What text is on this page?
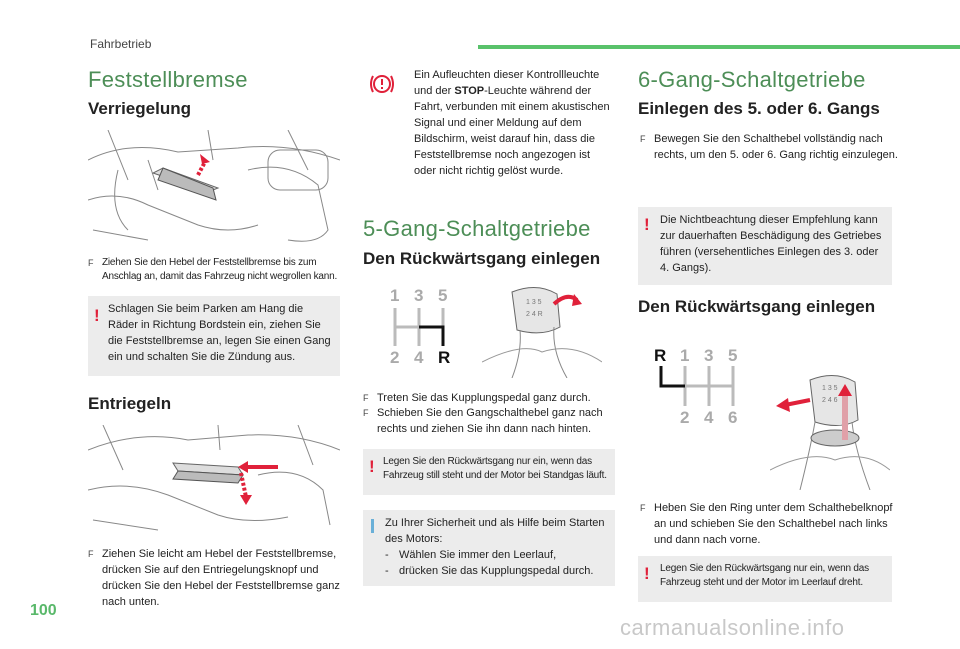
Fahrbetrieb
Feststellbremse
Verriegelung
F Ziehen Sie den Hebel der Feststellbremse bis zum Anschlag an, damit das Fahrzeug nicht wegrollen kann.
! Schlagen Sie beim Parken am Hang die Räder in Richtung Bordstein ein, ziehen Sie die Feststellbremse an, legen Sie einen Gang ein und schalten Sie die Zündung aus.
Entriegeln
F Ziehen Sie leicht am Hebel der Feststellbremse, drücken Sie auf den Entriegelungsknopf und drücken Sie den Hebel der Feststellbremse ganz nach unten.
Ein Aufleuchten dieser Kontrollleuchte und der STOP-Leuchte während der Fahrt, verbunden mit einem akustischen Signal und einer Meldung auf dem Bildschirm, weist darauf hin, dass die Feststellbremse noch angezogen ist oder nicht richtig gelöst wurde.
5-Gang-Schaltgetriebe
Den Rückwärtsgang einlegen
1 3 5
2 4 R
1 3 5
2 4 R
F Treten Sie das Kupplungspedal ganz durch.
F Schieben Sie den Gangschalthebel ganz nach rechts und ziehen Sie ihn dann nach hinten.
! Legen Sie den Rückwärtsgang nur ein, wenn das Fahrzeug still steht und der Motor bei Standgas läuft.
Zu Ihrer Sicherheit und als Hilfe beim Starten des Motors:
- Wählen Sie immer den Leerlauf,
- drücken Sie das Kupplungspedal durch.
6-Gang-Schaltgetriebe
Einlegen des 5. oder 6. Gangs
F Bewegen Sie den Schalthebel vollständig nach rechts, um den 5. oder 6. Gang richtig einzulegen.
! Die Nichtbeachtung dieser Empfehlung kann zur dauerhaften Beschädigung des Getriebes führen (versehentliches Einlegen des 3. oder 4. Gangs).
Den Rückwärtsgang einlegen
R 1 3 5
2 4 6
1 3 5
2 4 6
F Heben Sie den Ring unter dem Schalthebelknopf an und schieben Sie den Schalthebel nach links und dann nach vorne.
! Legen Sie den Rückwärtsgang nur ein, wenn das Fahrzeug steht und der Motor im Leerlauf dreht.
100
carmanualsonline.info
